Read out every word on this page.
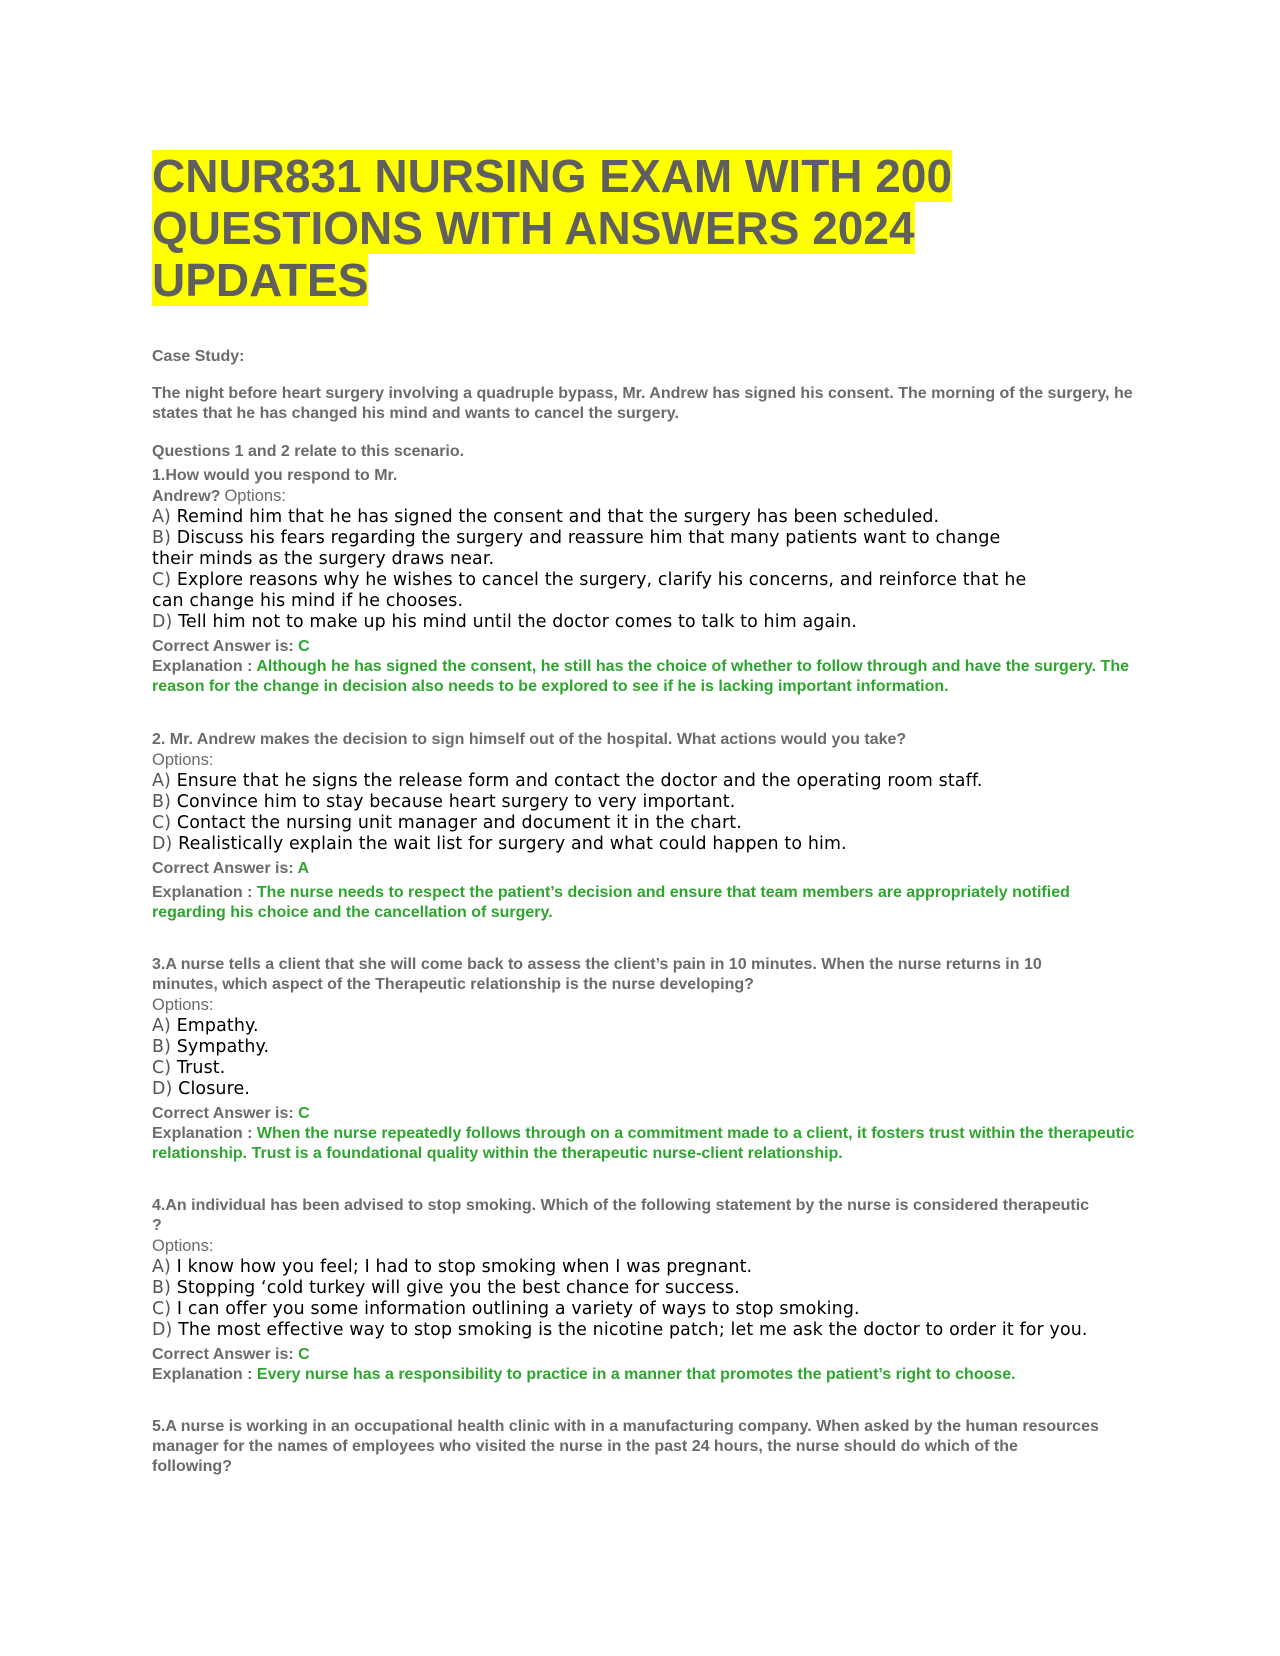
CNUR831 NURSING EXAM WITH 200
QUESTIONS WITH ANSWERS 2024
UPDATES
Case Study:
The night before heart surgery involving a quadruple bypass, Mr. Andrew has signed his consent. The morning of the surgery, he states that he has changed his mind and wants to cancel the surgery.
Questions 1 and 2 relate to this scenario.
1.How would you respond to Mr.
Andrew? Options:
A) Remind him that he has signed the consent and that the surgery has been scheduled.
B) Discuss his fears regarding the surgery and reassure him that many patients want to change their minds as the surgery draws near.
C) Explore reasons why he wishes to cancel the surgery, clarify his concerns, and reinforce that he can change his mind if he chooses.
D) Tell him not to make up his mind until the doctor comes to talk to him again.
Correct Answer is: C
Explanation : Although he has signed the consent, he still has the choice of whether to follow through and have the surgery. The reason for the change in decision also needs to be explored to see if he is lacking important information.
2. Mr. Andrew makes the decision to sign himself out of the hospital. What actions would you take?
Options:
A) Ensure that he signs the release form and contact the doctor and the operating room staff.
B) Convince him to stay because heart surgery to very important.
C) Contact the nursing unit manager and document it in the chart.
D) Realistically explain the wait list for surgery and what could happen to him.
Correct Answer is: A
Explanation : The nurse needs to respect the patient’s decision and ensure that team members are appropriately notified regarding his choice and the cancellation of surgery.
3.A nurse tells a client that she will come back to assess the client’s pain in 10 minutes. When the nurse returns in 10 minutes, which aspect of the Therapeutic relationship is the nurse developing?
Options:
A) Empathy.
B) Sympathy.
C) Trust.
D) Closure.
Correct Answer is: C
Explanation : When the nurse repeatedly follows through on a commitment made to a client, it fosters trust within the therapeutic relationship. Trust is a foundational quality within the therapeutic nurse-client relationship.
4.An individual has been advised to stop smoking. Which of the following statement by the nurse is considered therapeutic ?
Options:
A) I know how you feel; I had to stop smoking when I was pregnant.
B) Stopping ‘cold turkey will give you the best chance for success.
C) I can offer you some information outlining a variety of ways to stop smoking.
D) The most effective way to stop smoking is the nicotine patch; let me ask the doctor to order it for you.
Correct Answer is: C
Explanation : Every nurse has a responsibility to practice in a manner that promotes the patient’s right to choose.
5.A nurse is working in an occupational health clinic with in a manufacturing company. When asked by the human resources manager for the names of employees who visited the nurse in the past 24 hours, the nurse should do which of the following?
